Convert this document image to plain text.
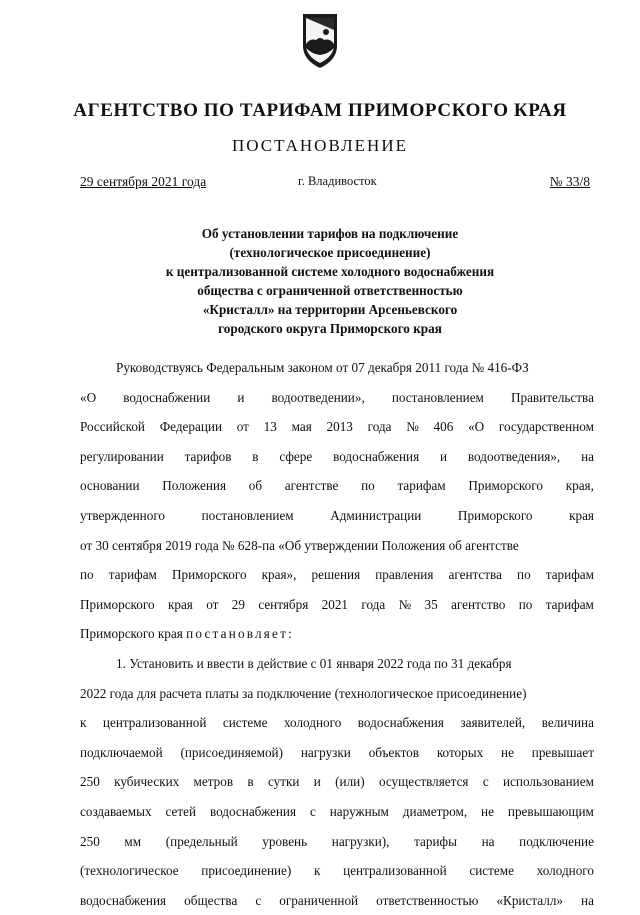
АГЕНТСТВО ПО ТАРИФАМ ПРИМОРСКОГО КРАЯ
ПОСТАНОВЛЕНИЕ
29 сентября 2021 года	г. Владивосток	№ 33/8
Об установлении тарифов на подключение
(технологическое присоединение)
к централизованной системе холодного водоснабжения
общества с ограниченной ответственностью
«Кристалл» на территории Арсеньевского
городского округа Приморского края
Руководствуясь Федеральным законом от 07 декабря 2011 года № 416-ФЗ
«О водоснабжении и водоотведении», постановлением Правительства
Российской Федерации от 13 мая 2013 года № 406 «О государственном
регулировании тарифов в сфере водоснабжения и водоотведения», на
основании Положения об агентстве по тарифам Приморского края,
утвержденного	постановлением	Администрации	Приморского	края
от 30 сентября 2019 года № 628-па «Об утверждении Положения об агентстве
по тарифам Приморского края», решения правления агентства по тарифам
Приморского края от 29 сентября 2021 года № 35 агентство по тарифам
Приморского края постановляет:
1. Установить и ввести в действие с 01 января 2022 года по 31 декабря
2022 года для расчета платы за подключение (технологическое присоединение)
к централизованной системе холодного водоснабжения заявителей, величина
подключаемой (присоединяемой) нагрузки объектов которых не превышает
250 кубических метров в сутки и (или) осуществляется с использованием
создаваемых сетей водоснабжения с наружным диаметром, не превышающим
250 мм (предельный уровень нагрузки), тарифы на подключение
(технологическое присоединение) к централизованной системе холодного
водоснабжения общества с ограниченной ответственностью «Кристалл» на
